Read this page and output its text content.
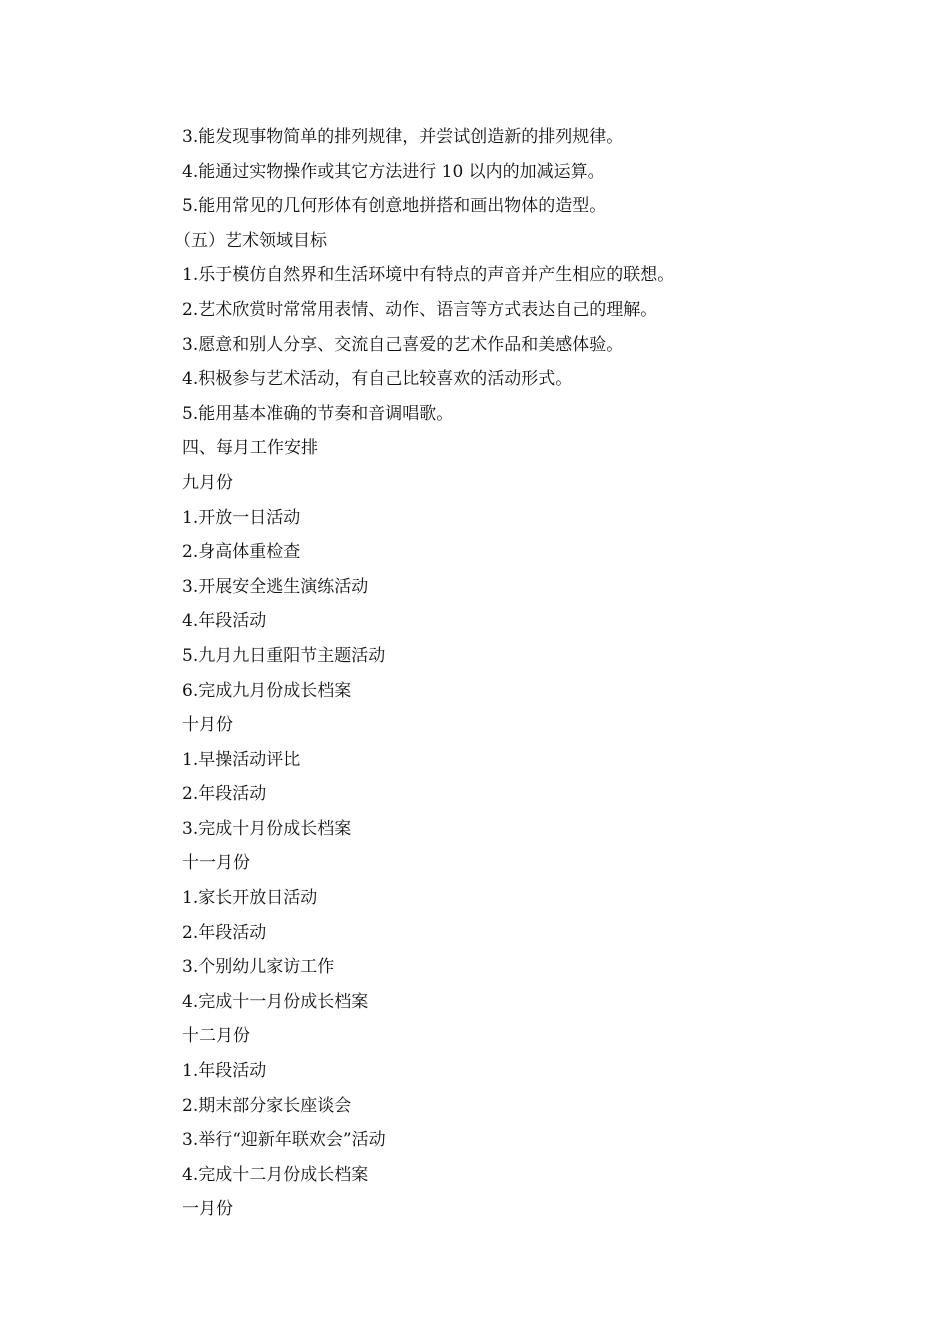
3.能发现事物简单的排列规律，并尝试创造新的排列规律。
4.能通过实物操作或其它方法进行 10 以内的加减运算。
5.能用常见的几何形体有创意地拼搭和画出物体的造型。
（五）艺术领域目标
1.乐于模仿自然界和生活环境中有特点的声音并产生相应的联想。
2.艺术欣赏时常常用表情、动作、语言等方式表达自己的理解。
3.愿意和别人分享、交流自己喜爱的艺术作品和美感体验。
4.积极参与艺术活动，有自己比较喜欢的活动形式。
5.能用基本准确的节奏和音调唱歌。
四、每月工作安排
九月份
1.开放一日活动
2.身高体重检查
3.开展安全逃生演练活动
4.年段活动
5.九月九日重阳节主题活动
6.完成九月份成长档案
十月份
1.早操活动评比
2.年段活动
3.完成十月份成长档案
十一月份
1.家长开放日活动
2.年段活动
3.个别幼儿家访工作
4.完成十一月份成长档案
十二月份
1.年段活动
2.期末部分家长座谈会
3.举行“迎新年联欢会”活动
4.完成十二月份成长档案
一月份
